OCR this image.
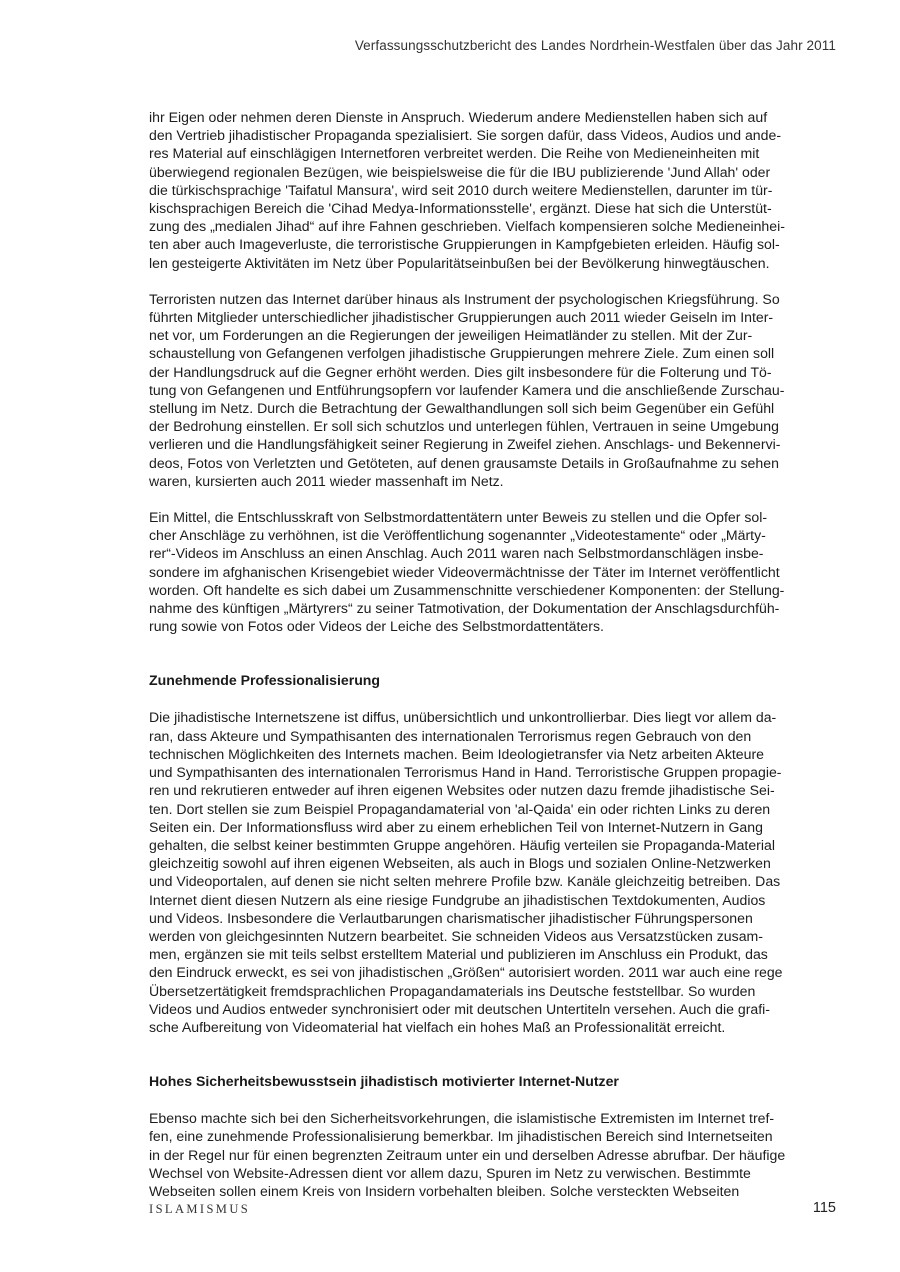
Verfassungsschutzbericht des Landes Nordrhein-Westfalen über das Jahr 2011
ihr Eigen oder nehmen deren Dienste in Anspruch. Wiederum andere Medienstellen haben sich auf
den Vertrieb jihadistischer Propaganda spezialisiert. Sie sorgen dafür, dass Videos, Audios und ande-
res Material auf einschlägigen Internetforen verbreitet werden. Die Reihe von Medieneinheiten mit
überwiegend regionalen Bezügen, wie beispielsweise die für die IBU publizierende 'Jund Allah' oder
die türkischsprachige 'Taifatul Mansura', wird seit 2010 durch weitere Medienstellen, darunter im tür-
kischsprachigen Bereich die 'Cihad Medya-Informationsstelle', ergänzt. Diese hat sich die Unterstüt-
zung des „medialen Jihad“ auf ihre Fahnen geschrieben. Vielfach kompensieren solche Medieneinhei-
ten aber auch Imageverluste, die terroristische Gruppierungen in Kampfgebieten erleiden. Häufig sol-
len gesteigerte Aktivitäten im Netz über Popularitätseinbußen bei der Bevölkerung hinwegtäuschen.
Terroristen nutzen das Internet darüber hinaus als Instrument der psychologischen Kriegsführung. So
führten Mitglieder unterschiedlicher jihadistischer Gruppierungen auch 2011 wieder Geiseln im Inter-
net vor, um Forderungen an die Regierungen der jeweiligen Heimatländer zu stellen. Mit der Zur-
schaustellung von Gefangenen verfolgen jihadistische Gruppierungen mehrere Ziele. Zum einen soll
der Handlungsdruck auf die Gegner erhöht werden. Dies gilt insbesondere für die Folterung und Tö-
tung von Gefangenen und Entführungsopfern vor laufender Kamera und die anschließende Zurschau-
stellung im Netz. Durch die Betrachtung der Gewalthandlungen soll sich beim Gegenüber ein Gefühl
der Bedrohung einstellen. Er soll sich schutzlos und unterlegen fühlen, Vertrauen in seine Umgebung
verlieren und die Handlungsfähigkeit seiner Regierung in Zweifel ziehen. Anschlags- und Bekennervi-
deos, Fotos von Verletzten und Getöteten, auf denen grausamste Details in Großaufnahme zu sehen
waren, kursierten auch 2011 wieder massenhaft im Netz.
Ein Mittel, die Entschlusskraft von Selbstmordattentätern unter Beweis zu stellen und die Opfer sol-
cher Anschläge zu verhöhnen, ist die Veröffentlichung sogenannter „Videotestamente“ oder „Märty-
rer“-Videos im Anschluss an einen Anschlag. Auch 2011 waren nach Selbstmordanschlägen insbe-
sondere im afghanischen Krisengebiet wieder Videovermächtnisse der Täter im Internet veröffentlicht
worden. Oft handelte es sich dabei um Zusammenschnitte verschiedener Komponenten: der Stellung-
nahme des künftigen „Märtyrers“ zu seiner Tatmotivation, der Dokumentation der Anschlagsdurchfüh-
rung sowie von Fotos oder Videos der Leiche des Selbstmordattentäters.
Zunehmende Professionalisierung
Die jihadistische Internetszene ist diffus, unübersichtlich und unkontrollierbar. Dies liegt vor allem da-
ran, dass Akteure und Sympathisanten des internationalen Terrorismus regen Gebrauch von den
technischen Möglichkeiten des Internets machen. Beim Ideologietransfer via Netz arbeiten Akteure
und Sympathisanten des internationalen Terrorismus Hand in Hand. Terroristische Gruppen propagie-
ren und rekrutieren entweder auf ihren eigenen Websites oder nutzen dazu fremde jihadistische Sei-
ten. Dort stellen sie zum Beispiel Propagandamaterial von 'al-Qaida' ein oder richten Links zu deren
Seiten ein. Der Informationsfluss wird aber zu einem erheblichen Teil von Internet-Nutzern in Gang
gehalten, die selbst keiner bestimmten Gruppe angehören. Häufig verteilen sie Propaganda-Material
gleichzeitig sowohl auf ihren eigenen Webseiten, als auch in Blogs und sozialen Online-Netzwerken
und Videoportalen, auf denen sie nicht selten mehrere Profile bzw. Kanäle gleichzeitig betreiben. Das
Internet dient diesen Nutzern als eine riesige Fundgrube an jihadistischen Textdokumenten, Audios
und Videos. Insbesondere die Verlautbarungen charismatischer jihadistischer Führungspersonen
werden von gleichgesinnten Nutzern bearbeitet. Sie schneiden Videos aus Versatzstücken zusam-
men, ergänzen sie mit teils selbst erstelltem Material und publizieren im Anschluss ein Produkt, das
den Eindruck erweckt, es sei von jihadistischen „Größen“ autorisiert worden. 2011 war auch eine rege
Übersetzertätigkeit fremdsprachlichen Propagandamaterials ins Deutsche feststellbar. So wurden
Videos und Audios entweder synchronisiert oder mit deutschen Untertiteln versehen. Auch die grafi-
sche Aufbereitung von Videomaterial hat vielfach ein hohes Maß an Professionalität erreicht.
Hohes Sicherheitsbewusstsein jihadistisch motivierter Internet-Nutzer
Ebenso machte sich bei den Sicherheitsvorkehrungen, die islamistische Extremisten im Internet tref-
fen, eine zunehmende Professionalisierung bemerkbar. Im jihadistischen Bereich sind Internetseiten
in der Regel nur für einen begrenzten Zeitraum unter ein und derselben Adresse abrufbar. Der häufige
Wechsel von Website-Adressen dient vor allem dazu, Spuren im Netz zu verwischen. Bestimmte
Webseiten sollen einem Kreis von Insidern vorbehalten bleiben. Solche versteckten Webseiten
ISLAMISMUS	115
